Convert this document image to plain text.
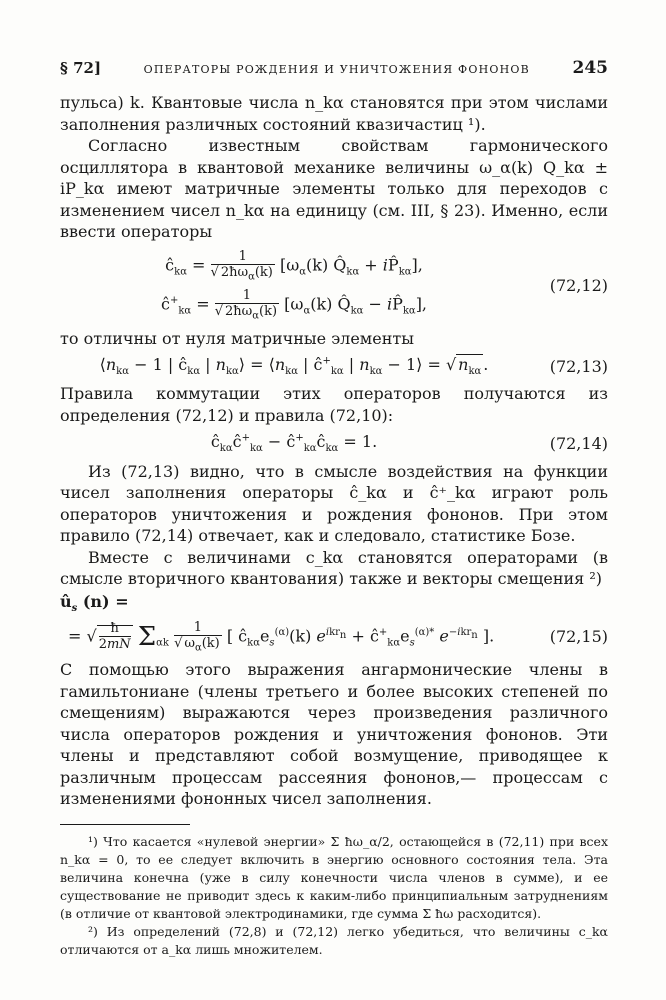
§ 72]	ОПЕРАТОРЫ РОЖДЕНИЯ И УНИЧТОЖЕНИЯ ФОНОНОВ	245

пульса) k. Квантовые числа n_kα становятся при этом числами заполнения различных состояний квазичастиц ¹).

Согласно известным свойствам гармонического осциллятора в квантовой механике величины ω_α(k) Q_kα ± iP_kα имеют матричные элементы только для переходов с изменением чисел n_kα на единицу (см. III, § 23). Именно, если ввести операторы

$ĉ_{k\alpha} = \frac{1}{√ 2ħ\omega_\alpha(k)} [\omega_\alpha(k)$ $Q̂_{k\alpha}$ + $iP̂_{k\alpha}$],
$ĉ^+_{k\alpha} = \frac{1}{√ 2ħ\omega_\alpha(k)} [\omega_\alpha(k)$ $Q̂_{k\alpha}$ − $iP̂_{k\alpha}$],
(72,12)

то отличны от нуля матричные элементы

$⟨n_{k\alpha} - 1$ | $ĉ_{k\alpha}$ | $n_{k\alpha}⟩$ = $⟨n_{k\alpha}$ | $ĉ^+_{k\alpha}$ | $n_{k\alpha}$ − 1⟩ = √ $n_{k\alpha}$ .	(72,13)

Правила коммутации этих операторов получаются из определения (72,12) и правила (72,10):

$ĉ_{k\alpha}ĉ^+_{k\alpha}$ − $ĉ^+_{k\alpha}ĉ_{k\alpha} = 1$.	(72,14)

Из (72,13) видно, что в смысле воздействия на функции чисел заполнения операторы ĉ_kα и ĉ⁺_kα играют роль операторов уничтожения и рождения фононов. При этом правило (72,14) отвечает, как и следовало, статистике Бозе.

Вместе с величинами c_kα становятся операторами (в смысле вторичного квантования) также и векторы смещения ²)

$û_s$ (n) =
= √ $\frac{ħ}{2mN} \Sigma_{\alpha k} \frac{1}{√ \omega_\alpha(k)}$ [ $ĉ_{k\alpha}e_s^{(\alpha)}(k) e^{ikr_n}$ + $ĉ^+_{k\alpha}e_s^{(\alpha)*}$ $e^{-ikr_n}$ ].	(72,15)

С помощью этого выражения ангармонические члены в гамильтониане (члены третьего и более высоких степеней по смещениям) выражаются через произведения различного числа операторов рождения и уничтожения фононов. Эти члены и представляют собой возмущение, приводящее к различным процессам рассеяния фононов,— процессам с изменениями фононных чисел заполнения.

¹) Что касается «нулевой энергии» Σ ħω_α/2, остающейся в (72,11) при всех n_kα = 0, то ее следует включить в энергию основного состояния тела. Эта величина конечна (уже в силу конечности числа членов в сумме), и ее существование не приводит здесь к каким-либо принципиальным затруднениям (в отличие от квантовой электродинамики, где сумма Σ ħω расходится).

²) Из определений (72,8) и (72,12) легко убедиться, что величины c_kα отличаются от a_kα лишь множителем.
